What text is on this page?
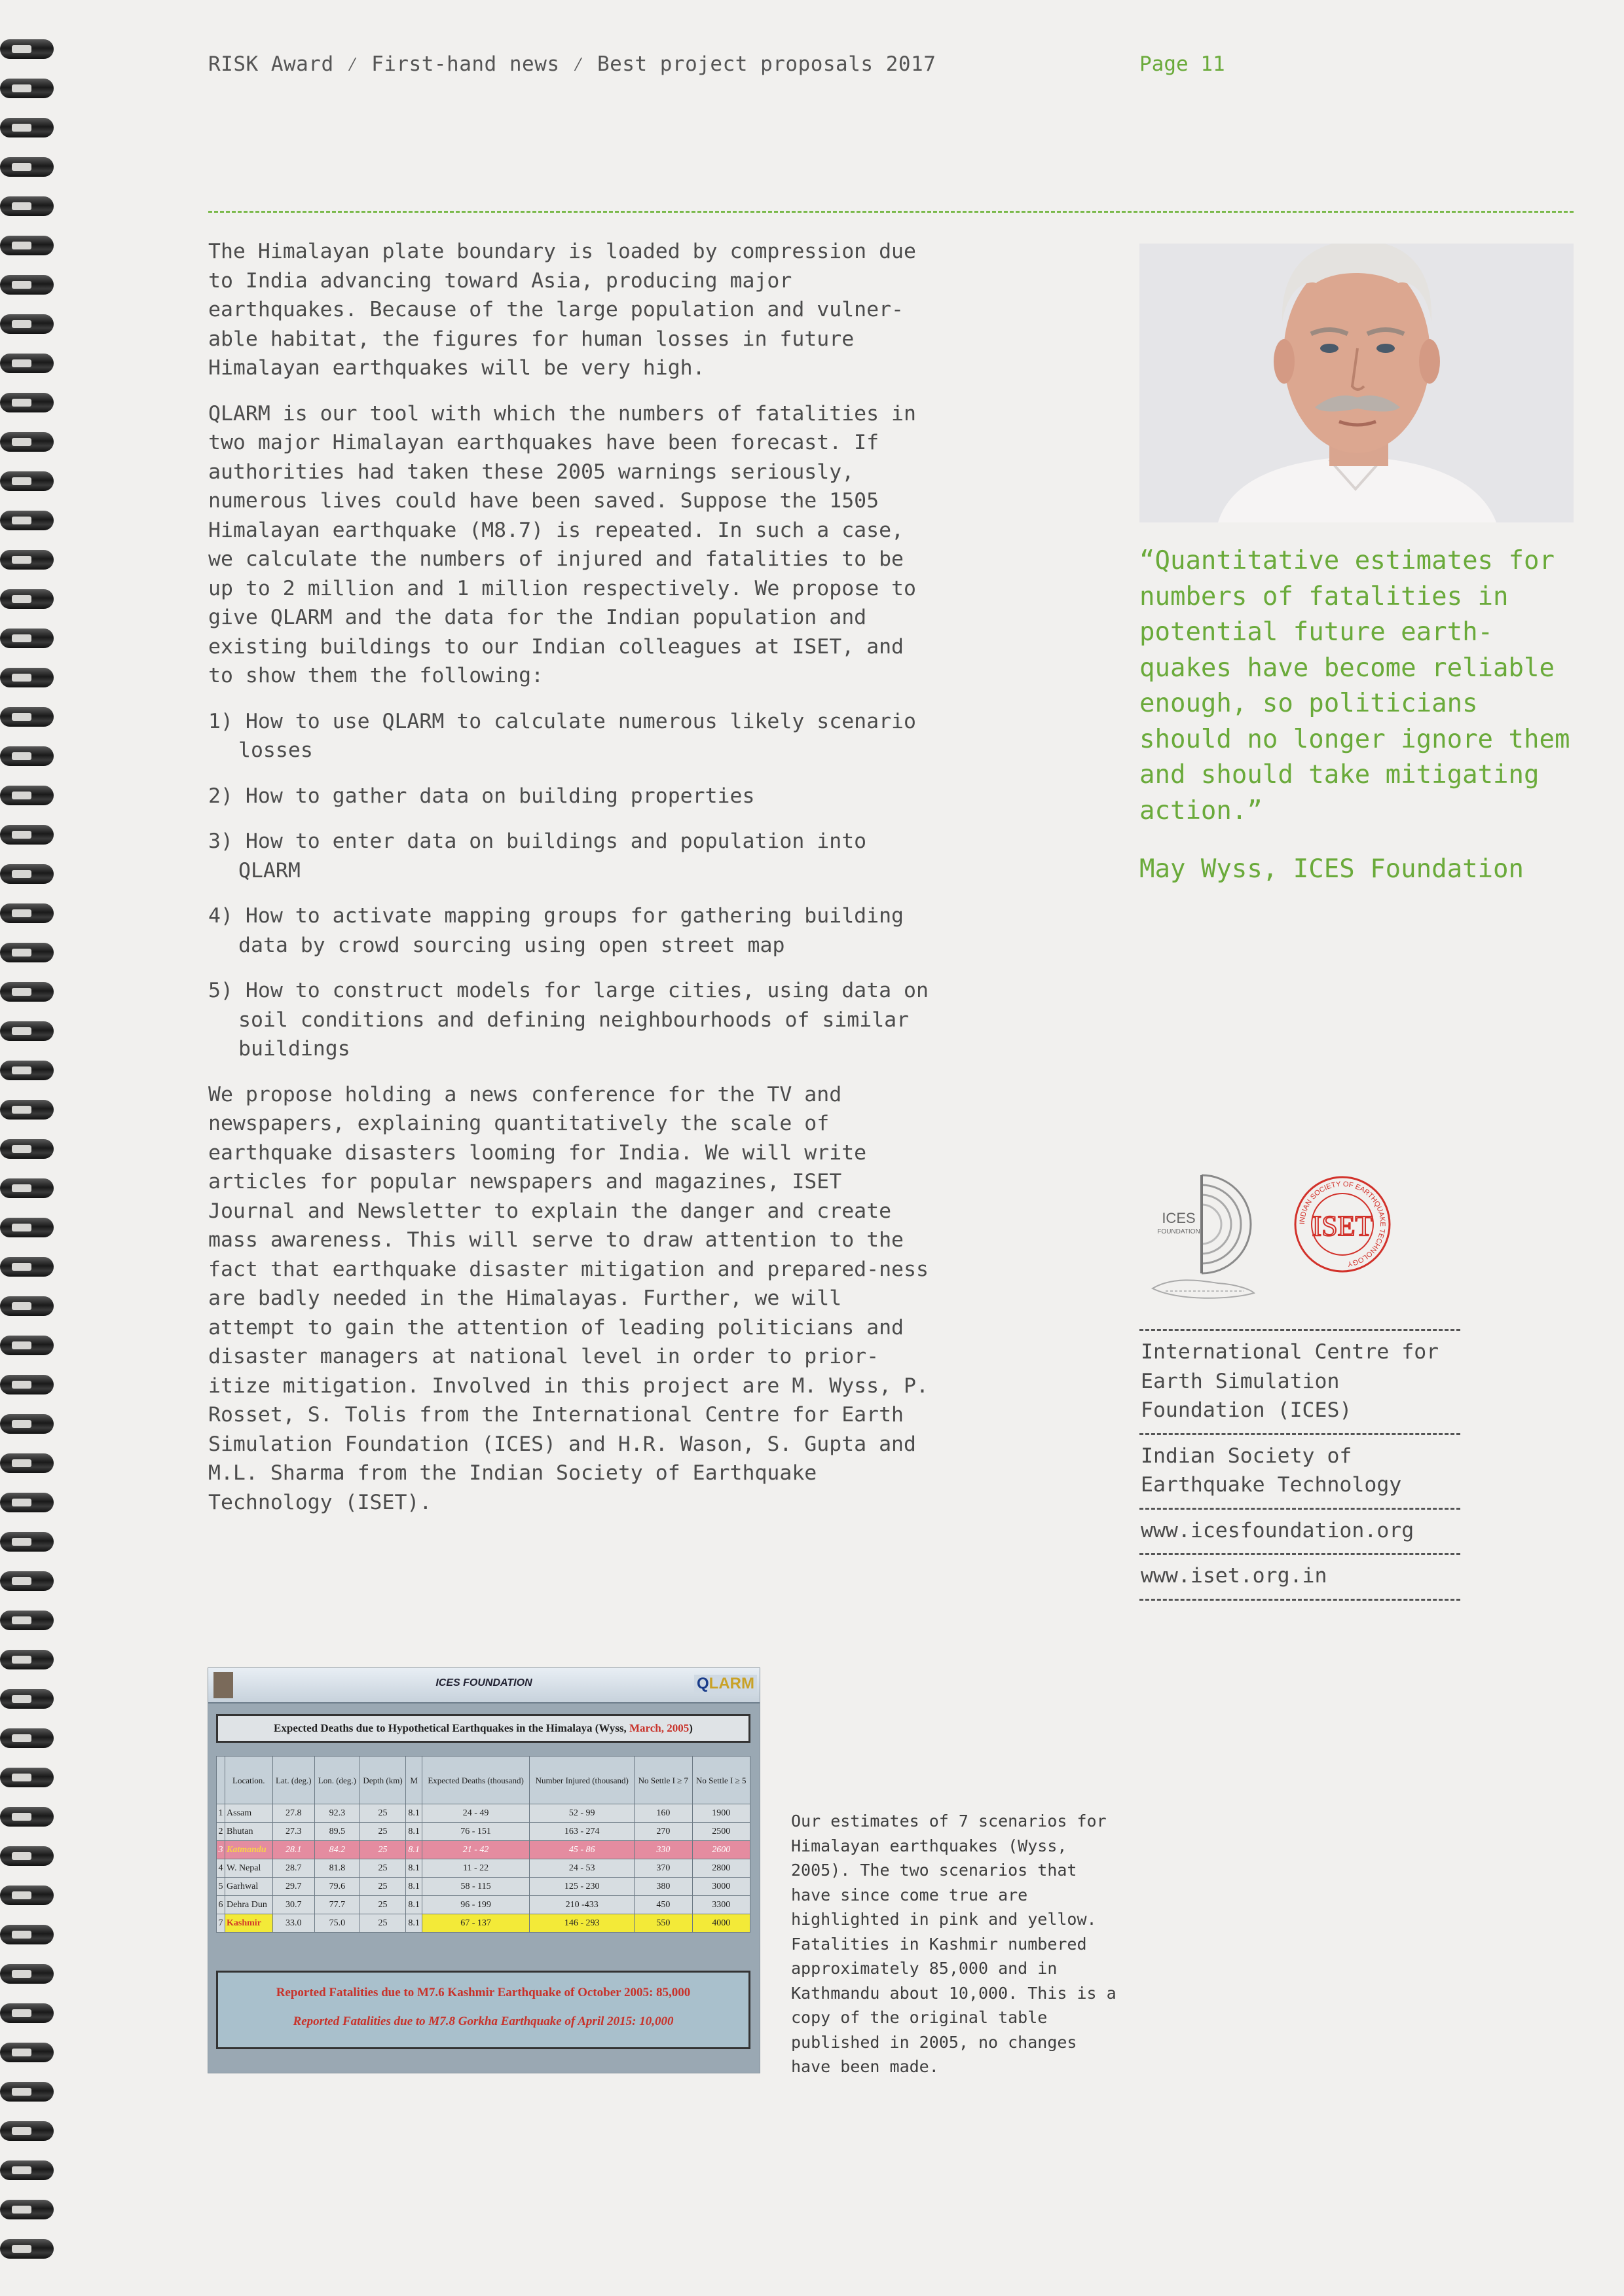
RISK Award ⁄ First-hand news ⁄ Best project proposals 2017	Page 11

The Himalayan plate boundary is loaded by compression due to India advancing toward Asia, producing major earthquakes. Because of the large population and vulner-able habitat, the figures for human losses in future Himalayan earthquakes will be very high.

QLARM is our tool with which the numbers of fatalities in two major Himalayan earthquakes have been forecast. If authorities had taken these 2005 warnings seriously, numerous lives could have been saved. Suppose the 1505 Himalayan earthquake (M8.7) is repeated. In such a case, we calculate the numbers of injured and fatalities to be up to 2 million and 1 million respectively. We propose to give QLARM and the data for the Indian population and existing buildings to our Indian colleagues at ISET, and to show them the following:

1) How to use QLARM to calculate numerous likely scenario losses
2) How to gather data on building properties
3) How to enter data on buildings and population into QLARM
4) How to activate mapping groups for gathering building data by crowd sourcing using open street map
5) How to construct models for large cities, using data on soil conditions and defining neighbourhoods of similar buildings

We propose holding a news conference for the TV and newspapers, explaining quantitatively the scale of earthquake disasters looming for India. We will write articles for popular newspapers and magazines, ISET Journal and Newsletter to explain the danger and create mass awareness. This will serve to draw attention to the fact that earthquake disaster mitigation and prepared-ness are badly needed in the Himalayas. Further, we will attempt to gain the attention of leading politicians and disaster managers at national level in order to prior-itize mitigation. Involved in this project are M. Wyss, P. Rosset, S. Tolis from the International Centre for Earth Simulation Foundation (ICES) and H.R. Wason, S. Gupta and M.L. Sharma from the Indian Society of Earthquake Technology (ISET).

“Quantitative estimates for numbers of fatalities in potential future earth-quakes have become reliable enough, so politicians should no longer ignore them and should take mitigating action.”
May Wyss, ICES Foundation
ICES
FOUNDATION
INDIAN SOCIETY OF EARTHQUAKE TECHNOLOGY
ISET
International Centre for Earth Simulation Foundation (ICES)
Indian Society of Earthquake Technology
www.icesfoundation.org
www.iset.org.in
ICES FOUNDATION	QLARM
Expected Deaths due to Hypothetical Earthquakes in the Himalaya (Wyss, March, 2005)
	Location.	Lat. (deg.)	Lon. (deg.)	Depth (km)	M	Expected Deaths (thousand)	Number Injured (thousand)	No Settle I ≥ 7	No Settle I ≥ 5
1	Assam	27.8	92.3	25	8.1	24 - 49	52 - 99	160	1900
2	Bhutan	27.3	89.5	25	8.1	76 - 151	163 - 274	270	2500
3	Katmandu	28.1	84.2	25	8.1	21 - 42	45 - 86	330	2600
4	W. Nepal	28.7	81.8	25	8.1	11 - 22	24 - 53	370	2800
5	Garhwal	29.7	79.6	25	8.1	58 - 115	125 - 230	380	3000
6	Dehra Dun	30.7	77.7	25	8.1	96 - 199	210 -433	450	3300
7	Kashmir	33.0	75.0	25	8.1	67 - 137	146 - 293	550	4000
Reported Fatalities due to M7.6 Kashmir Earthquake of October 2005: 85,000
Reported Fatalities due to M7.8 Gorkha Earthquake of April 2015: 10,000
Our estimates of 7 scenarios for Himalayan earthquakes (Wyss, 2005). The two scenarios that have since come true are highlighted in pink and yellow. Fatalities in Kashmir numbered approximately 85,000 and in Kathmandu about 10,000. This is a copy of the original table published in 2005, no changes have been made.
